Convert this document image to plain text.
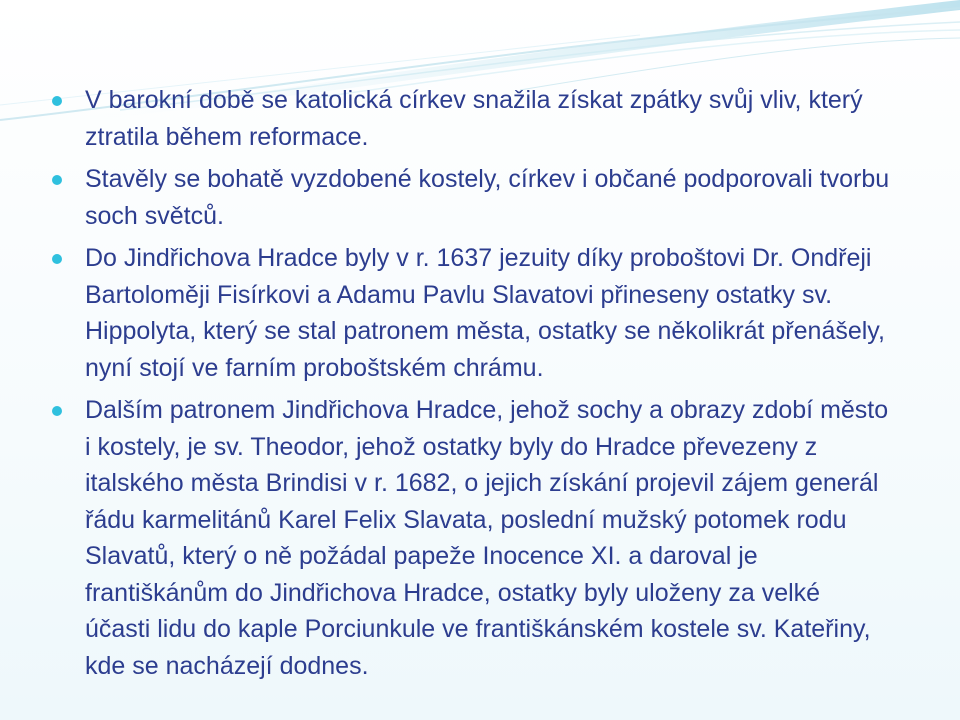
V barokní době se katolická církev snažila získat zpátky svůj vliv, který ztratila během reformace.
Stavěly se bohatě vyzdobené kostely, církev i občané podporovali tvorbu soch světců.
Do Jindřichova Hradce byly v r. 1637 jezuity díky proboštovi Dr. Ondřeji Bartoloměji Fisírkovi a Adamu Pavlu Slavatovi přineseny ostatky sv. Hippolyta, který se stal patronem města, ostatky se několikrát přenášely, nyní stojí ve farním proboštském chrámu.
Dalším patronem Jindřichova Hradce, jehož sochy a obrazy zdobí město i kostely, je sv. Theodor, jehož ostatky byly do Hradce převezeny z italského města Brindisi v r. 1682, o jejich získání projevil zájem generál řádu karmelitánů Karel Felix Slavata, poslední mužský potomek rodu Slavatů, který o ně požádal papeže Inocence XI. a daroval je františkánům do Jindřichova Hradce, ostatky byly uloženy za velké účasti lidu do kaple Porciunkule ve františkánském kostele sv. Kateřiny, kde se nacházejí dodnes.
